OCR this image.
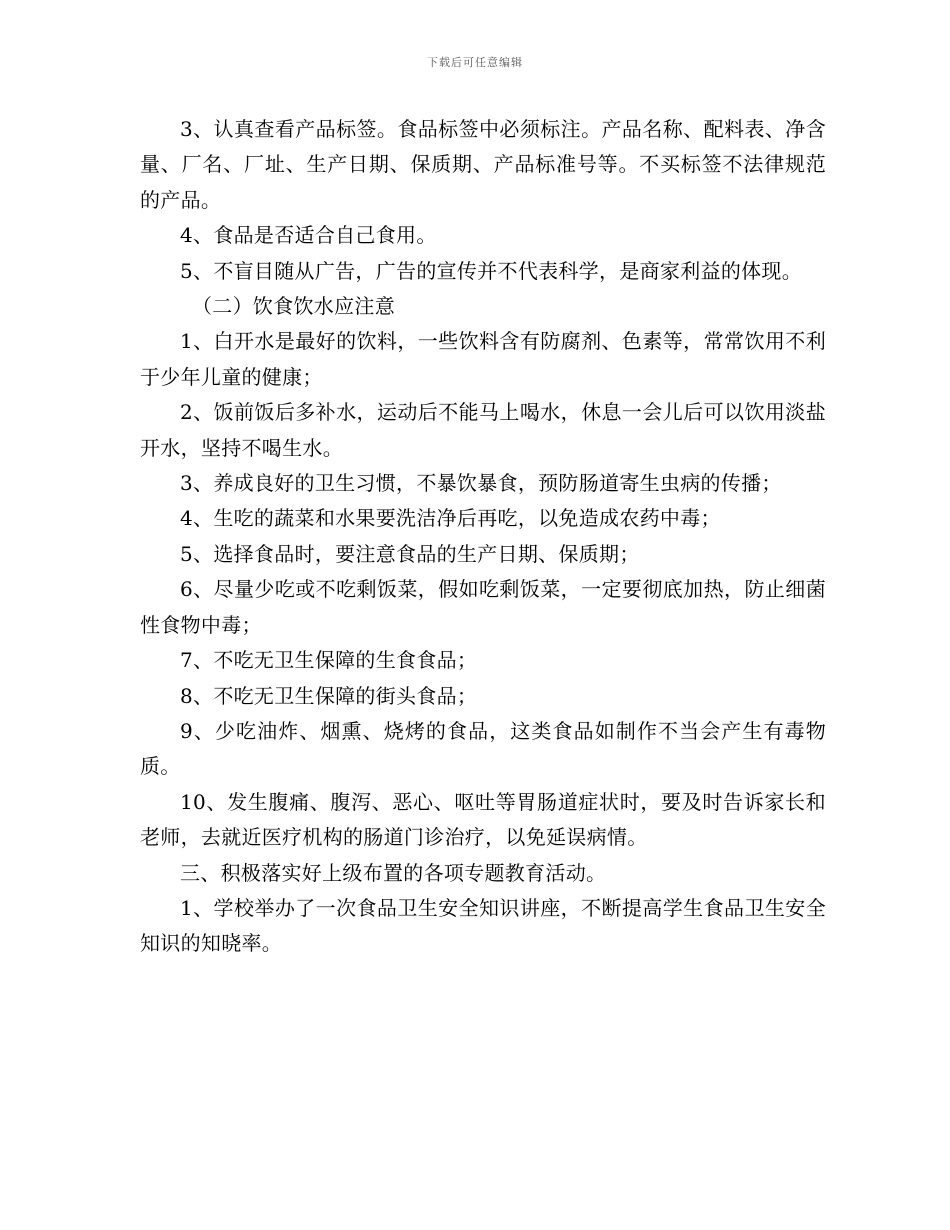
下载后可任意编辑

3、认真查看产品标签。食品标签中必须标注。产品名称、配料表、净含量、厂名、厂址、生产日期、保质期、产品标准号等。不买标签不法律规范的产品。

4、食品是否适合自己食用。

5、不盲目随从广告，广告的宣传并不代表科学，是商家利益的体现。

（二）饮食饮水应注意

1、白开水是最好的饮料，一些饮料含有防腐剂、色素等，常常饮用不利于少年儿童的健康；

2、饭前饭后多补水，运动后不能马上喝水，休息一会儿后可以饮用淡盐开水，坚持不喝生水。

3、养成良好的卫生习惯，不暴饮暴食，预防肠道寄生虫病的传播；

4、生吃的蔬菜和水果要洗洁净后再吃，以免造成农药中毒；

5、选择食品时，要注意食品的生产日期、保质期；

6、尽量少吃或不吃剩饭菜，假如吃剩饭菜，一定要彻底加热，防止细菌性食物中毒；

7、不吃无卫生保障的生食食品；

8、不吃无卫生保障的街头食品；

9、少吃油炸、烟熏、烧烤的食品，这类食品如制作不当会产生有毒物质。

10、发生腹痛、腹泻、恶心、呕吐等胃肠道症状时，要及时告诉家长和老师，去就近医疗机构的肠道门诊治疗，以免延误病情。

三、积极落实好上级布置的各项专题教育活动。

1、学校举办了一次食品卫生安全知识讲座，不断提高学生食品卫生安全知识的知晓率。
